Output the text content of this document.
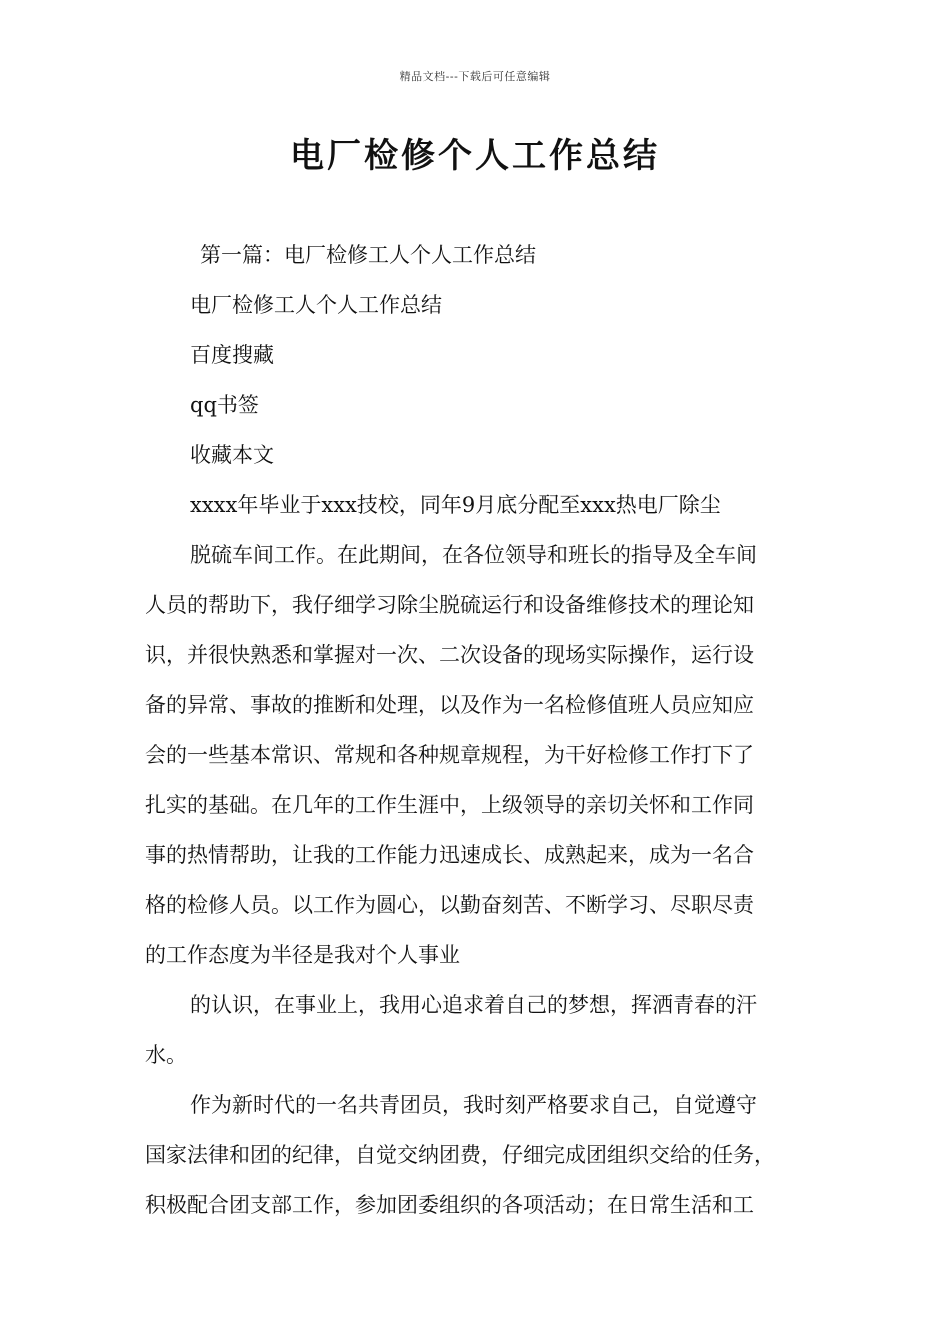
精品文档---下载后可任意编辑
电厂检修个人工作总结
第一篇：电厂检修工人个人工作总结
电厂检修工人个人工作总结
百度搜藏
qq书签
收藏本文
xxxx年毕业于xxx技校，同年9月底分配至xxx热电厂除尘
脱硫车间工作。在此期间，在各位领导和班长的指导及全车间
人员的帮助下，我仔细学习除尘脱硫运行和设备维修技术的理论知
识，并很快熟悉和掌握对一次、二次设备的现场实际操作，运行设
备的异常、事故的推断和处理，以及作为一名检修值班人员应知应
会的一些基本常识、常规和各种规章规程，为干好检修工作打下了
扎实的基础。在几年的工作生涯中，上级领导的亲切关怀和工作同
事的热情帮助，让我的工作能力迅速成长、成熟起来，成为一名合
格的检修人员。以工作为圆心，以勤奋刻苦、不断学习、尽职尽责
的工作态度为半径是我对个人事业
的认识，在事业上，我用心追求着自己的梦想，挥洒青春的汗
水。
作为新时代的一名共青团员，我时刻严格要求自己，自觉遵守
国家法律和团的纪律，自觉交纳团费，仔细完成团组织交给的任务，
积极配合团支部工作，参加团委组织的各项活动；在日常生活和工
